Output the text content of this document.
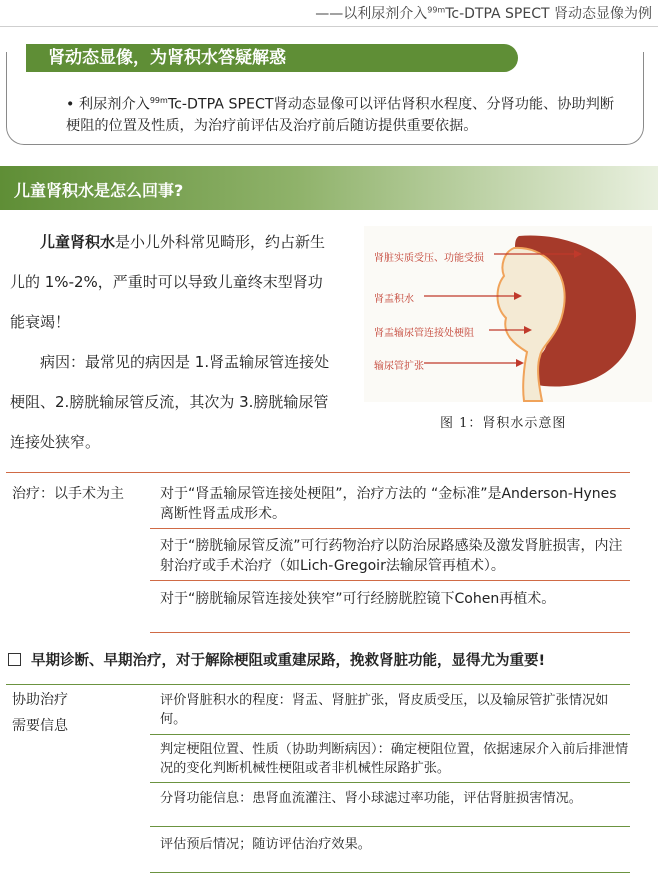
——以利尿剂介入$^{99m}$Tc-DTPA SPECT 肾动态显像为例
肾动态显像，为肾积水答疑解惑
• 利尿剂介入$^{99m}$Tc-DTPA SPECT肾动态显像可以评估肾积水程度、分肾功能、协助判断梗阻的位置及性质，为治疗前评估及治疗前后随访提供重要依据。
儿童肾积水是怎么回事?
儿童肾积水是小儿外科常见畸形，约占新生儿的 1%-2%，严重时可以导致儿童终末型肾功能衰竭！
病因：最常见的病因是 1.肾盂输尿管连接处梗阻、2.膀胱输尿管反流，其次为 3.膀胱输尿管连接处狭窄。
肾脏实质受压、功能受损
肾盂积水
肾盂输尿管连接处梗阻
输尿管扩张
图 1：肾积水示意图
治疗：以手术为主	对于“肾盂输尿管连接处梗阻”，治疗方法的 “金标准”是Anderson-Hynes离断性肾盂成形术。
对于“膀胱输尿管反流”可行药物治疗以防治尿路感染及激发肾脏损害，内注射治疗或手术治疗（如Lich-Gregoir法输尿管再植术）。
对于“膀胱输尿管连接处狭窄”可行经膀胱腔镜下Cohen再植术。
早期诊断、早期治疗，对于解除梗阻或重建尿路，挽救肾脏功能，显得尤为重要!
协助治疗
需要信息
评价肾脏积水的程度：肾盂、肾脏扩张，肾皮质受压，以及输尿管扩张情况如何。
判定梗阻位置、性质（协助判断病因）：确定梗阻位置，依据速尿介入前后排泄情况的变化判断机械性梗阻或者非机械性尿路扩张。
分肾功能信息：患肾血流灌注、肾小球滤过率功能，评估肾脏损害情况。
评估预后情况；随访评估治疗效果。
